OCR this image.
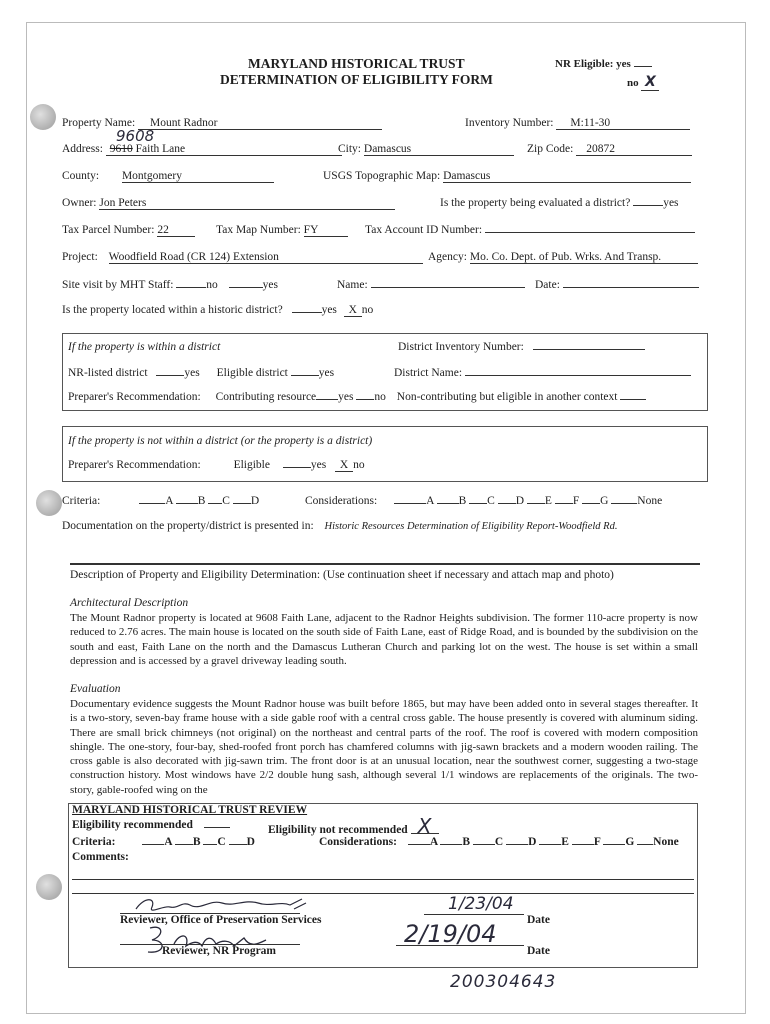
MARYLAND HISTORICAL TRUST
DETERMINATION OF ELIGIBILITY FORM
NR Eligible: yes
no X
Property Name: Mount Radnor	Inventory Number: M:11-30
9608
Address: 9610 Faith Lane	City: Damascus	Zip Code: 20872
County: Montgomery	USGS Topographic Map: Damascus
Owner: Jon Peters	Is the property being evaluated a district?	yes
Tax Parcel Number: 22	Tax Map Number: FY	Tax Account ID Number:
Project: Woodfield Road (CR 124) Extension	Agency: Mo. Co. Dept. of Pub. Wrks. And Transp.
Site visit by MHT Staff:	no	yes	Name:	Date:
Is the property located within a historic district?	yes X no
If the property is within a district	District Inventory Number:
NR-listed district	yes Eligible district	yes	District Name:
Preparer's Recommendation: Contributing resource yes no Non-contributing but eligible in another context
If the property is not within a district (or the property is a district)
Preparer's Recommendation:	Eligible	yes X no
Criteria:	A B C D	Considerations:	A B C D E F G	None
Documentation on the property/district is presented in: Historic Resources Determination of Eligibility Report-Woodfield Rd.
Description of Property and Eligibility Determination: (Use continuation sheet if necessary and attach map and photo)
Architectural Description
The Mount Radnor property is located at 9608 Faith Lane, adjacent to the Radnor Heights subdivision. The former 110-acre property is now reduced to 2.76 acres. The main house is located on the south side of Faith Lane, east of Ridge Road, and is bounded by the subdivision on the south and east, Faith Lane on the north and the Damascus Lutheran Church and parking lot on the west. The house is set within a small depression and is accessed by a gravel driveway leading south.
Evaluation
Documentary evidence suggests the Mount Radnor house was built before 1865, but may have been added onto in several stages thereafter. It is a two-story, seven-bay frame house with a side gable roof with a central cross gable. The house presently is covered with aluminum siding. There are small brick chimneys (not original) on the northeast and central parts of the roof. The roof is covered with modern composition shingle. The one-story, four-bay, shed-roofed front porch has chamfered columns with jig-sawn brackets and a modern wooden railing. The cross gable is also decorated with jig-sawn trim. The front door is at an unusual location, near the southwest corner, suggesting a two-stage construction history. Most windows have 2/2 double hung sash, although several 1/1 windows are replacements of the originals. The two-story, gable-roofed wing on the
MARYLAND HISTORICAL TRUST REVIEW
Eligibility recommended	Eligibility not recommended X
Criteria:	A B C D	Considerations:	A B C D E F G None
Comments:
1/23/04
Reviewer, Office of Preservation Services	Date
2/19/04
Reviewer, NR Program	Date
200304643
